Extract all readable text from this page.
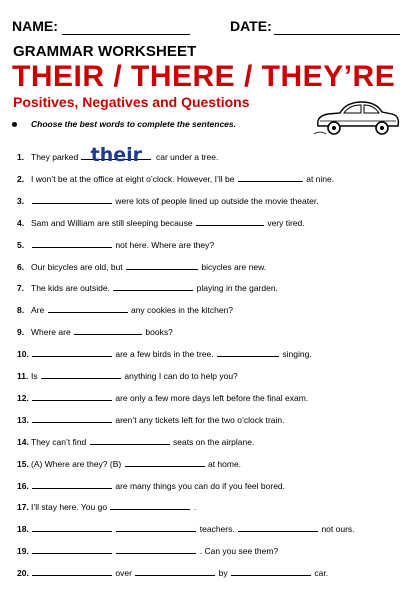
NAME:	DATE:
GRAMMAR WORKSHEET
THEIR / THERE / THEY’RE
Positives, Negatives and Questions
Choose the best words to complete the sentences.
1. They parked their car under a tree.
2. I won’t be at the office at eight o’clock. However, I’ll be	at nine.
3.	were lots of people lined up outside the movie theater.
4. Sam and William are still sleeping because	very tired.
5.	not here. Where are they?
6. Our bicycles are old, but	bicycles are new.
7. The kids are outside.	playing in the garden.
8. Are	any cookies in the kitchen?
9. Where are	books?
10.	are a few birds in the tree.	singing.
11. Is	anything I can do to help you?
12.	are only a few more days left before the final exam.
13.	aren’t any tickets left for the two o’clock train.
14. They can’t find	seats on the airplane.
15. (A) Where are they? (B)	at home.
16.	are many things you can do if you feel bored.
17. I’ll stay here. You go	.
18.	teachers.	not ours.
19.	. Can you see them?
20.	over	by	car.
